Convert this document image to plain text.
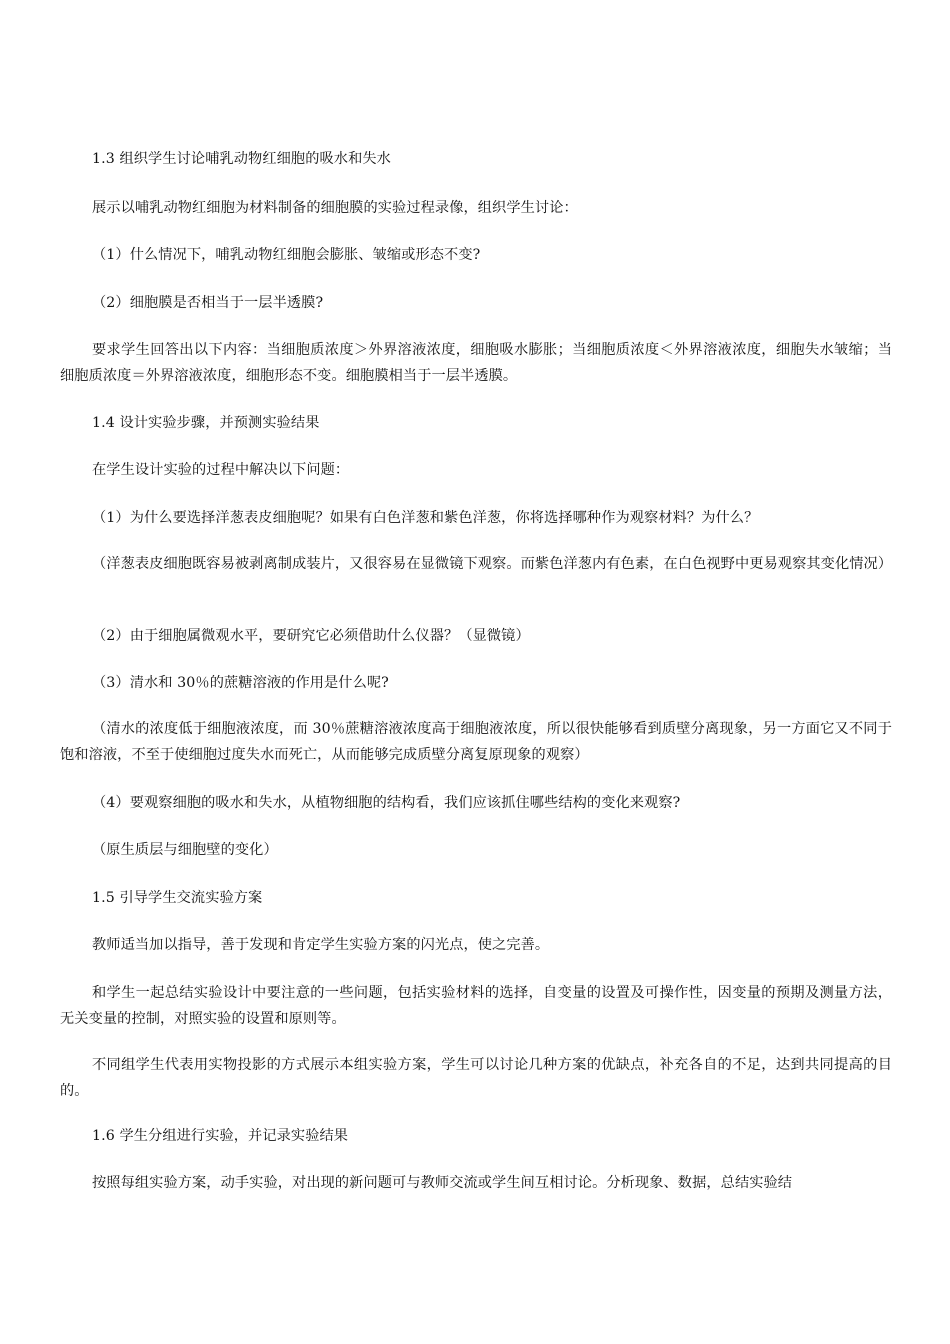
1.3 组织学生讨论哺乳动物红细胞的吸水和失水

展示以哺乳动物红细胞为材料制备的细胞膜的实验过程录像，组织学生讨论：

（1）什么情况下，哺乳动物红细胞会膨胀、皱缩或形态不变?

（2）细胞膜是否相当于一层半透膜?

要求学生回答出以下内容：当细胞质浓度＞外界溶液浓度，细胞吸水膨胀；当细胞质浓度＜外界溶液浓度，细胞失水皱缩；当细胞质浓度＝外界溶液浓度，细胞形态不变。细胞膜相当于一层半透膜。

1.4 设计实验步骤，并预测实验结果

在学生设计实验的过程中解决以下问题：

（1）为什么要选择洋葱表皮细胞呢？如果有白色洋葱和紫色洋葱，你将选择哪种作为观察材料？为什么？

（洋葱表皮细胞既容易被剥离制成装片，又很容易在显微镜下观察。而紫色洋葱内有色素，在白色视野中更易观察其变化情况）

（2）由于细胞属微观水平，要研究它必须借助什么仪器？（显微镜）

（3）清水和 30％的蔗糖溶液的作用是什么呢?

（清水的浓度低于细胞液浓度，而 30％蔗糖溶液浓度高于细胞液浓度，所以很快能够看到质壁分离现象，另一方面它又不同于饱和溶液，不至于使细胞过度失水而死亡，从而能够完成质壁分离复原现象的观察）

（4）要观察细胞的吸水和失水，从植物细胞的结构看，我们应该抓住哪些结构的变化来观察?

（原生质层与细胞壁的变化）

1.5 引导学生交流实验方案

教师适当加以指导，善于发现和肯定学生实验方案的闪光点，使之完善。

和学生一起总结实验设计中要注意的一些问题，包括实验材料的选择，自变量的设置及可操作性，因变量的预期及测量方法，无关变量的控制，对照实验的设置和原则等。

不同组学生代表用实物投影的方式展示本组实验方案，学生可以讨论几种方案的优缺点，补充各自的不足，达到共同提高的目的。

1.6 学生分组进行实验，并记录实验结果

按照每组实验方案，动手实验，对出现的新问题可与教师交流或学生间互相讨论。分析现象、数据，总结实验结
